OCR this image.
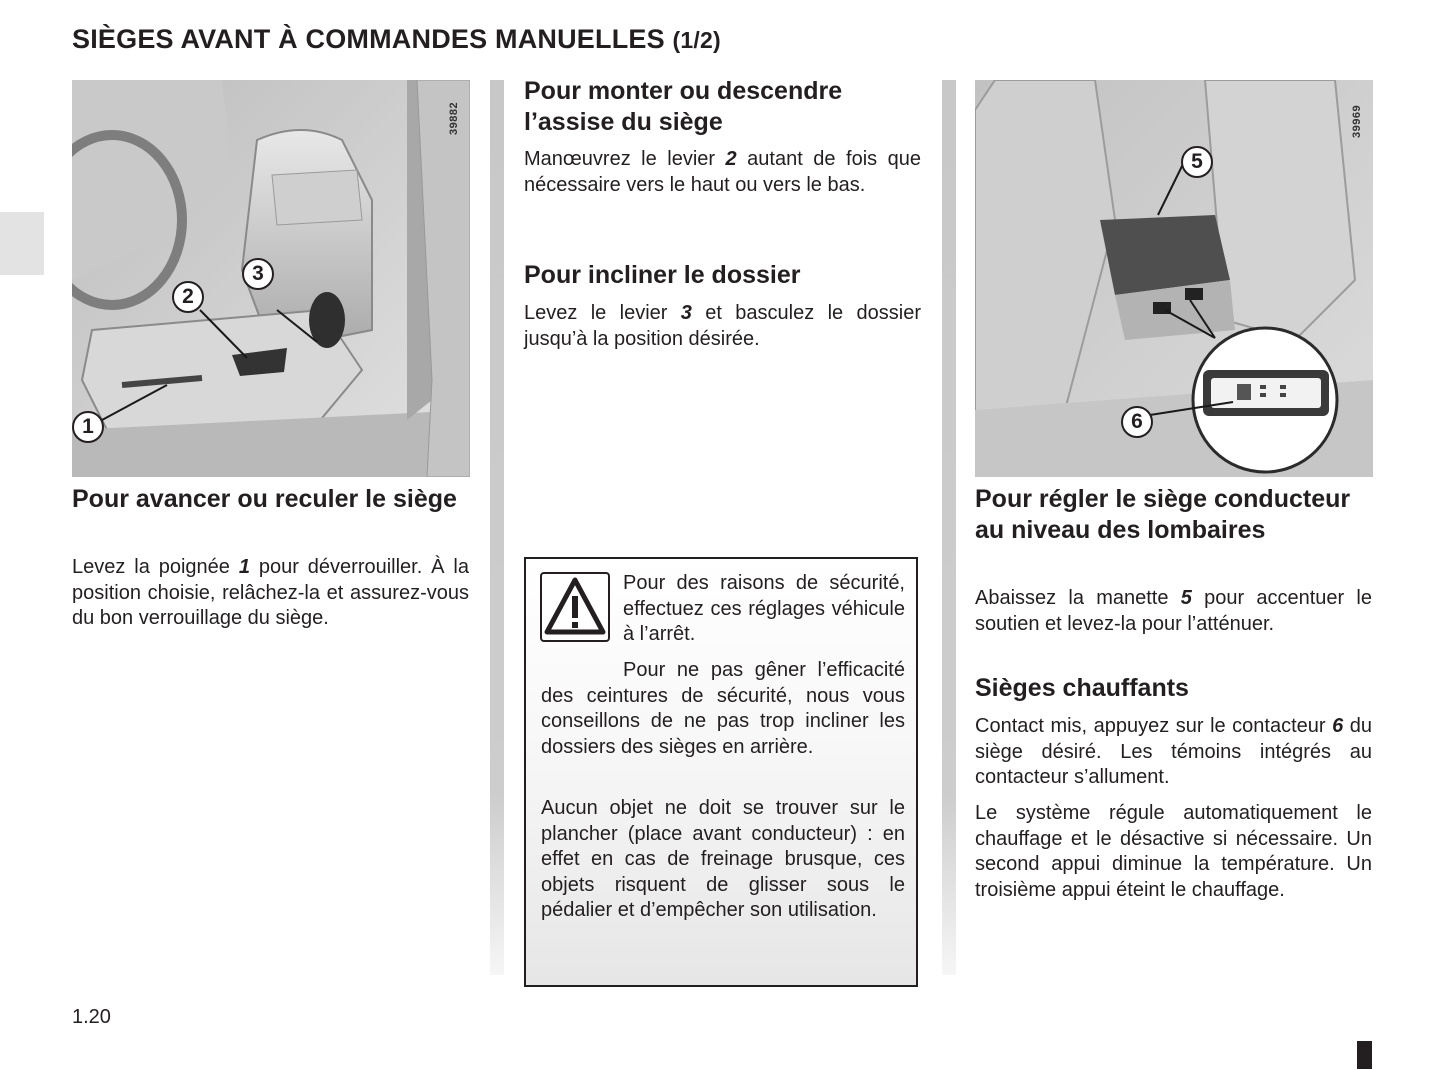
SIÈGES AVANT À COMMANDES MANUELLES (1/2)
39882
1
2
3
39969
5
6
Pour avancer ou reculer le siège

Levez la poignée 1 pour déverrouiller. À la position choisie, relâchez-la et assurez-vous du bon verrouillage du siège.

Pour monter ou descendre l’assise du siège

Manœuvrez le levier 2 autant de fois que nécessaire vers le haut ou vers le bas.

Pour incliner le dossier

Levez le levier 3 et basculez le dossier jusqu’à la position désirée.

Pour des raisons de sécurité, effectuez ces réglages véhicule à l’arrêt.

Pour ne pas gêner l’efficacité des ceintures de sécurité, nous vous conseillons de ne pas trop incliner les dossiers des sièges en arrière.

Aucun objet ne doit se trouver sur le plancher (place avant conducteur) : en effet en cas de freinage brusque, ces objets risquent de glisser sous le pédalier et d’empêcher son utilisation.

Pour régler le siège conducteur au niveau des lombaires

Abaissez la manette 5 pour accentuer le soutien et levez-la pour l’atténuer.

Sièges chauffants

Contact mis, appuyez sur le contacteur 6 du siège désiré. Les témoins intégrés au contacteur s’allument.

Le système régule automatiquement le chauffage et le désactive si nécessaire. Un second appui diminue la température. Un troisième appui éteint le chauffage.

1.20
